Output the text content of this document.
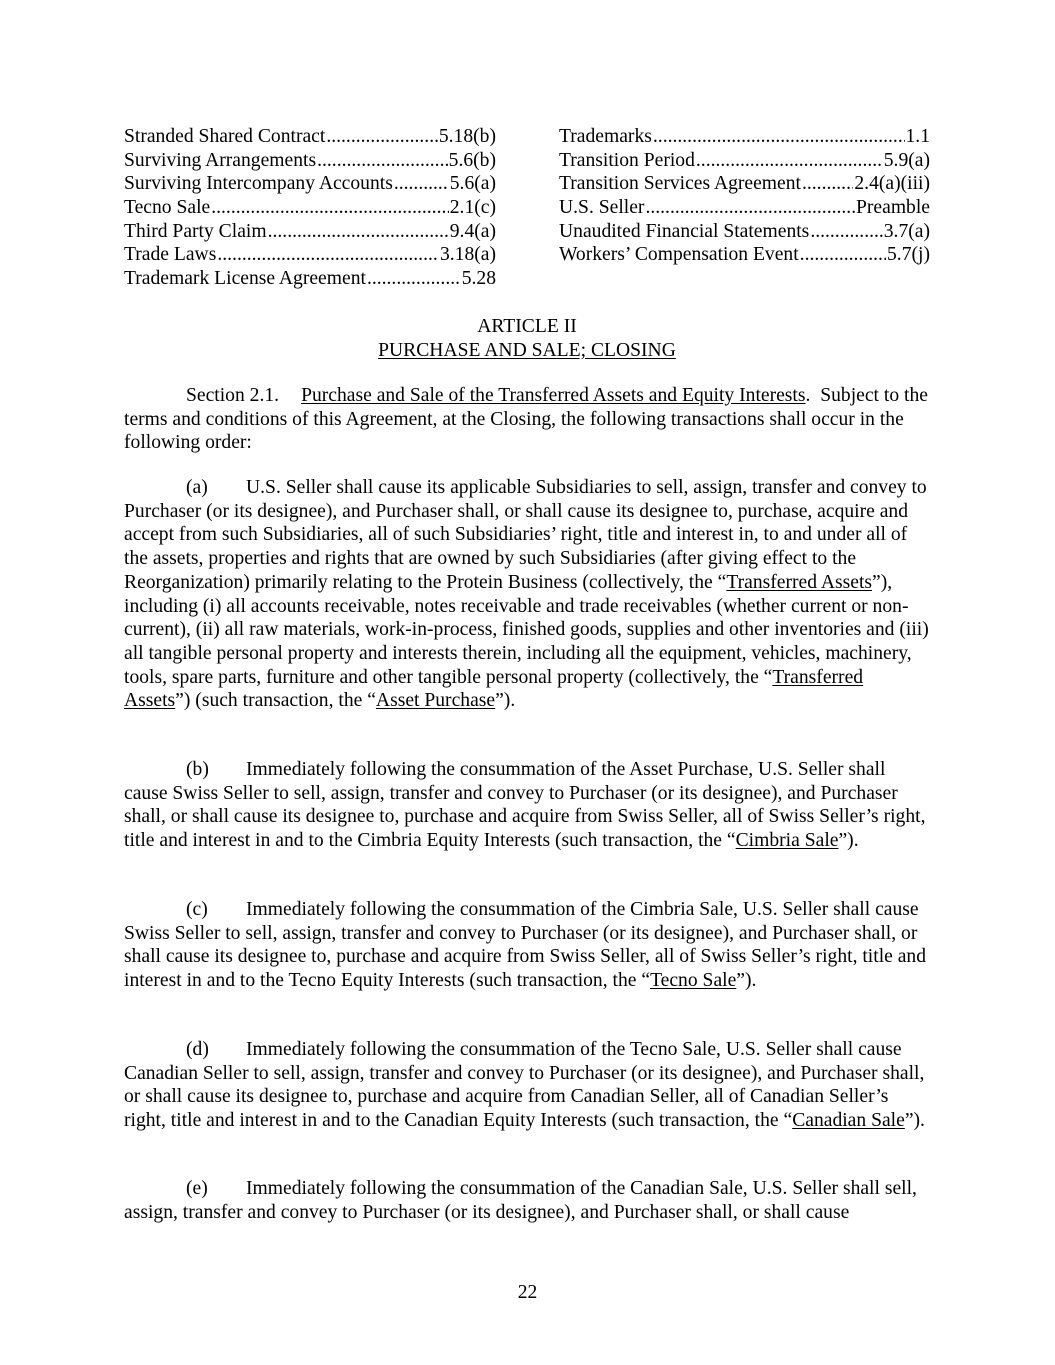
Stranded Shared Contract .....	5.18(b)
Surviving Arrangements .....	5.6(b)
Surviving Intercompany Accounts .....	5.6(a)
Tecno Sale .....	2.1(c)
Third Party Claim .....	9.4(a)
Trade Laws .....	3.18(a)
Trademark License Agreement .....	5.28
Trademarks .....	1.1
Transition Period .....	5.9(a)
Transition Services Agreement .....	2.4(a)(iii)
U.S. Seller .....	Preamble
Unaudited Financial Statements .....	3.7(a)
Workers’ Compensation Event .....	5.7(j)
ARTICLE II
PURCHASE AND SALE; CLOSING

Section 2.1. Purchase and Sale of the Transferred Assets and Equity Interests.  Subject to the terms and conditions of this Agreement, at the Closing, the following transactions shall occur in the following order:

(a) U.S. Seller shall cause its applicable Subsidiaries to sell, assign, transfer and convey to Purchaser (or its designee), and Purchaser shall, or shall cause its designee to, purchase, acquire and accept from such Subsidiaries, all of such Subsidiaries’ right, title and interest in, to and under all of the assets, properties and rights that are owned by such Subsidiaries (after giving effect to the Reorganization) primarily relating to the Protein Business (collectively, the “Transferred Assets”), including (i) all accounts receivable, notes receivable and trade receivables (whether current or non-current), (ii) all raw materials, work-in-process, finished goods, supplies and other inventories and (iii) all tangible personal property and interests therein, including all the equipment, vehicles, machinery, tools, spare parts, furniture and other tangible personal property (collectively, the “Transferred Assets”) (such transaction, the “Asset Purchase”).

(b) Immediately following the consummation of the Asset Purchase, U.S. Seller shall cause Swiss Seller to sell, assign, transfer and convey to Purchaser (or its designee), and Purchaser shall, or shall cause its designee to, purchase and acquire from Swiss Seller, all of Swiss Seller’s right, title and interest in and to the Cimbria Equity Interests (such transaction, the “Cimbria Sale”).

(c) Immediately following the consummation of the Cimbria Sale, U.S. Seller shall cause Swiss Seller to sell, assign, transfer and convey to Purchaser (or its designee), and Purchaser shall, or shall cause its designee to, purchase and acquire from Swiss Seller, all of Swiss Seller’s right, title and interest in and to the Tecno Equity Interests (such transaction, the “Tecno Sale”).

(d) Immediately following the consummation of the Tecno Sale, U.S. Seller shall cause Canadian Seller to sell, assign, transfer and convey to Purchaser (or its designee), and Purchaser shall, or shall cause its designee to, purchase and acquire from Canadian Seller, all of Canadian Seller’s right, title and interest in and to the Canadian Equity Interests (such transaction, the “Canadian Sale”).

(e) Immediately following the consummation of the Canadian Sale, U.S. Seller shall sell, assign, transfer and convey to Purchaser (or its designee), and Purchaser shall, or shall cause

22
